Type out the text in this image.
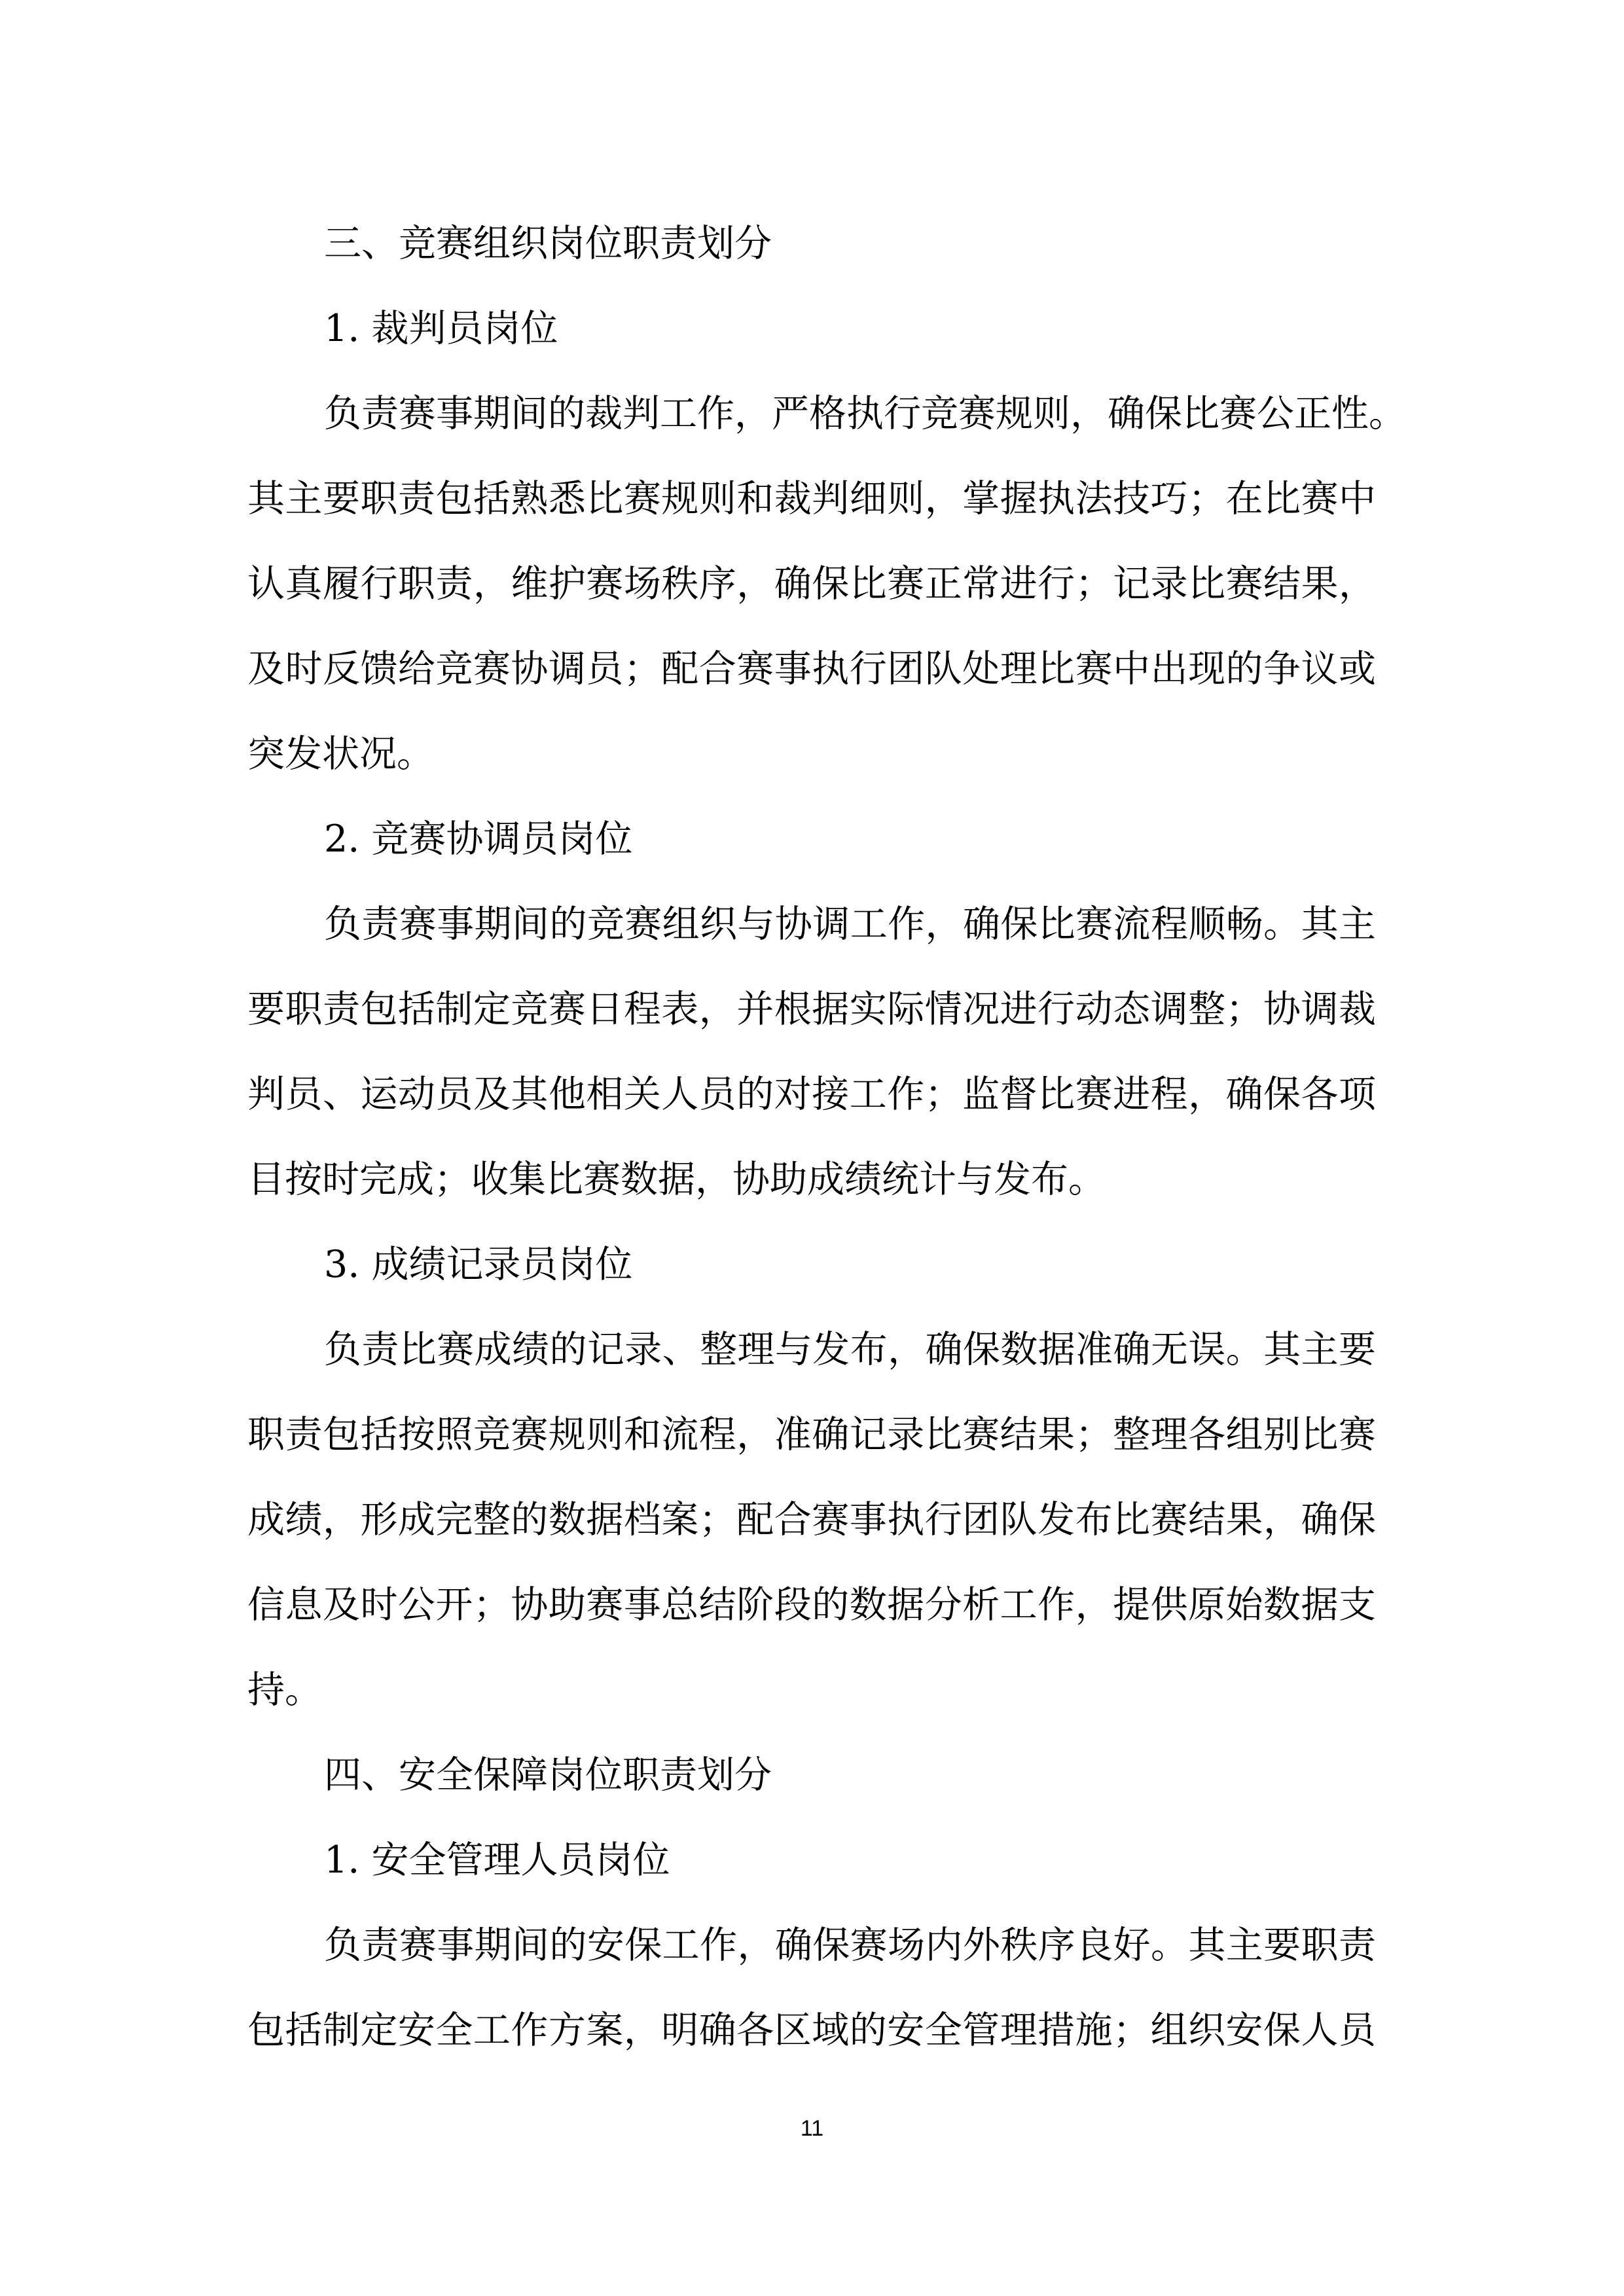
三、竞赛组织岗位职责划分
1. 裁判员岗位
负责赛事期间的裁判工作，严格执行竞赛规则，确保比赛公正性。
其主要职责包括熟悉比赛规则和裁判细则，掌握执法技巧；在比赛中
认真履行职责，维护赛场秩序，确保比赛正常进行；记录比赛结果，
及时反馈给竞赛协调员；配合赛事执行团队处理比赛中出现的争议或
突发状况。
2. 竞赛协调员岗位
负责赛事期间的竞赛组织与协调工作，确保比赛流程顺畅。其主
要职责包括制定竞赛日程表，并根据实际情况进行动态调整；协调裁
判员、运动员及其他相关人员的对接工作；监督比赛进程，确保各项
目按时完成；收集比赛数据，协助成绩统计与发布。
3. 成绩记录员岗位
负责比赛成绩的记录、整理与发布，确保数据准确无误。其主要
职责包括按照竞赛规则和流程，准确记录比赛结果；整理各组别比赛
成绩，形成完整的数据档案；配合赛事执行团队发布比赛结果，确保
信息及时公开；协助赛事总结阶段的数据分析工作，提供原始数据支
持。
四、安全保障岗位职责划分
1. 安全管理人员岗位
负责赛事期间的安保工作，确保赛场内外秩序良好。其主要职责
包括制定安全工作方案，明确各区域的安全管理措施；组织安保人员
11
